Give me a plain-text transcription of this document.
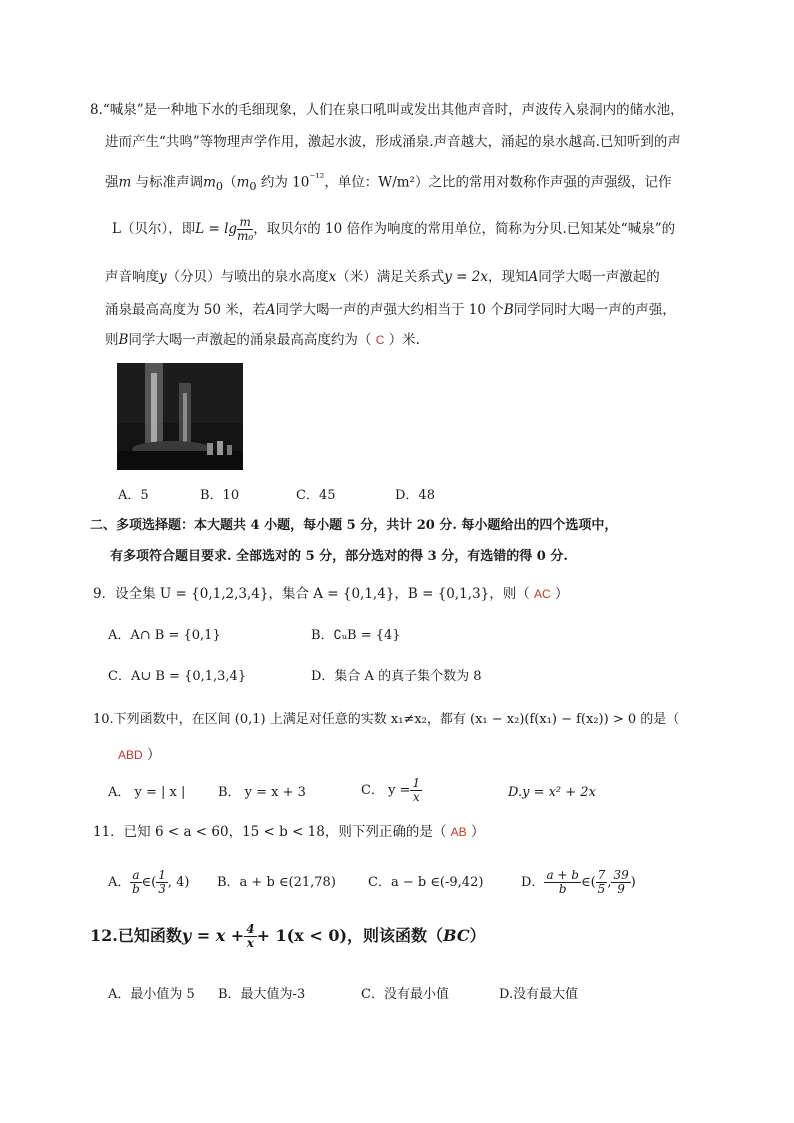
8.“喊泉”是一种地下水的毛细现象，人们在泉口吼叫或发出其他声音时，声波传入泉洞内的储水池，
进而产生“共鸣”等物理声学作用，激起水波，形成涌泉.声音越大，涌起的泉水越高.已知听到的声
强m 与标准声调$m_0(m_0$ 约为 $10^{^{-12}}$，单位：W/m²）之比的常用对数称作声强的声强级，记作
L（贝尔），即$L = \lg \frac{m}{\text{m₀}}$ ，取贝尔的 10 倍作为响度的常用单位，简称为分贝.已知某处“喊泉”的
声音响度y（分贝）与喷出的泉水高度x（米）满足关系式y = 2x，现知A同学大喝一声激起的
涌泉最高高度为 50 米，若A同学大喝一声的声强大约相当于 10 个B同学同时大喝一声的声强，
则B同学大喝一声激起的涌泉最高高度约为（ C ）米.
A．5	B．10	C．45	D．48
二、多项选择题：本大题共 4 小题，每小题 5 分，共计 20 分. 每小题给出的四个选项中，
有多项符合题目要求. 全部选对的 5 分，部分选对的得 3 分，有选错的得 0 分.
9．设全集 U = {0,1,2,3,4}，集合 A = {0,1,4}，B = {0,1,3}，则（ AC ）
A．A∩ B = {0,1}	B．∁ᵤB = {4}
C．A∪ B = {0,1,3,4}	D．集合 A 的真子集个数为 8
10.下列函数中，在区间 (0,1) 上满足对任意的实数 x₁≠x₂，都有 (x₁ − x₂)(f(x₁) − f(x₂)) > 0 的是（
ABD ）
A． y = | x |	B． y = x + 3	C． $y = \frac{1}{x}$	D.y = x² + 2x
11．已知 6 < a < 60，15 < b < 18，则下列正确的是（ AB ）
A． $\frac{a}{b}$ ∈( $\frac{1}{3}$ , 4) B．a + b ∈(21,78) C．a − b ∈(-9,42)	D． $\frac{a + b}{b}$ ∈( $\frac{7}{5}$ , $\frac{39}{9}$ )
12.已知函数$y = x + \frac{4}{x} + 1(x < 0)$，则该函数（BC）
A．最小值为 5 B．最大值为-3	C．没有最小值	D.没有最大值
